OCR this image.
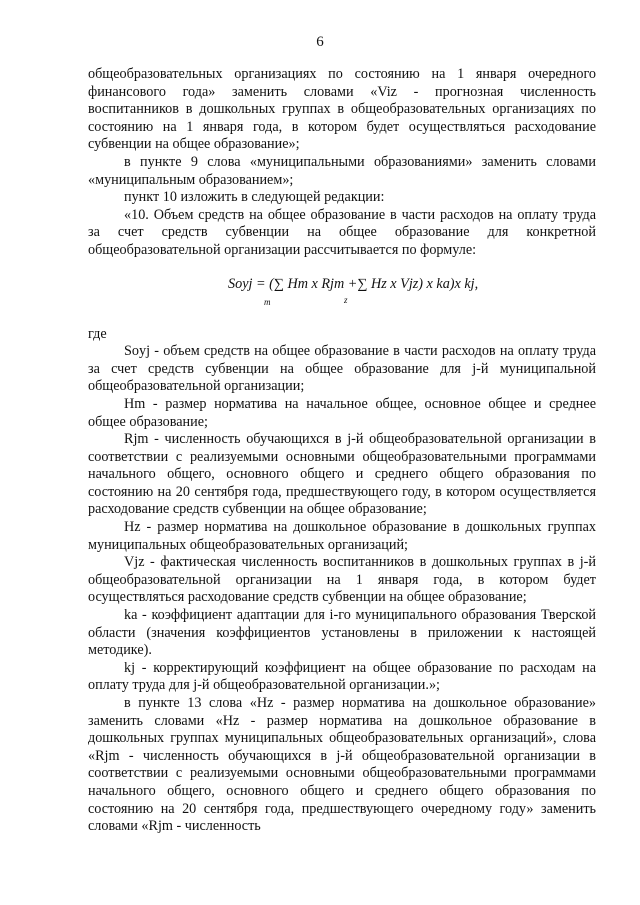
6

общеобразовательных организациях по состоянию на 1 января очередного финансового года» заменить словами «Viz - прогнозная численность воспитанников в дошкольных группах в общеобразовательных организациях по состоянию на 1 января года, в котором будет осуществляться расходование субвенции на общее образование»;

в пункте 9 слова «муниципальными образованиями» заменить словами «муниципальным образованием»;

пункт 10 изложить в следующей редакции:

«10. Объем средств на общее образование в части расходов на оплату труда за счет средств субвенции на общее образование для конкретной общеобразовательной организации рассчитывается по формуле:

Soyj = (∑ Hm x Rjm +∑ Hz x Vjz) x ka)x kj,
m	z

где

Soyj - объем средств на общее образование в части расходов на оплату труда за счет средств субвенции на общее образование для j-й муниципальной общеобразовательной организации;

Hm - размер норматива на начальное общее, основное общее и среднее общее образование;

Rjm - численность обучающихся в j-й общеобразовательной организации в соответствии с реализуемыми основными общеобразовательными программами начального общего, основного общего и среднего общего образования по состоянию на 20 сентября года, предшествующего году, в котором осуществляется расходование средств субвенции на общее образование;

Hz - размер норматива на дошкольное образование в дошкольных группах муниципальных общеобразовательных организаций;

Vjz - фактическая численность воспитанников в дошкольных группах в j-й общеобразовательной организации на 1 января года, в котором будет осуществляться расходование средств субвенции на общее образование;

ka - коэффициент адаптации для i-го муниципального образования Тверской области (значения коэффициентов установлены в приложении к настоящей методике).

kj - корректирующий коэффициент на общее образование по расходам на оплату труда для j-й общеобразовательной организации.»;

в пункте 13 слова «Hz - размер норматива на дошкольное образование» заменить словами «Hz - размер норматива на дошкольное образование в дошкольных группах муниципальных общеобразовательных организаций», слова «Rjm - численность обучающихся в j-й общеобразовательной организации в соответствии с реализуемыми основными общеобразовательными программами начального общего, основного общего и среднего общего образования по состоянию на 20 сентября года, предшествующего очередному году» заменить словами «Rjm - численность
